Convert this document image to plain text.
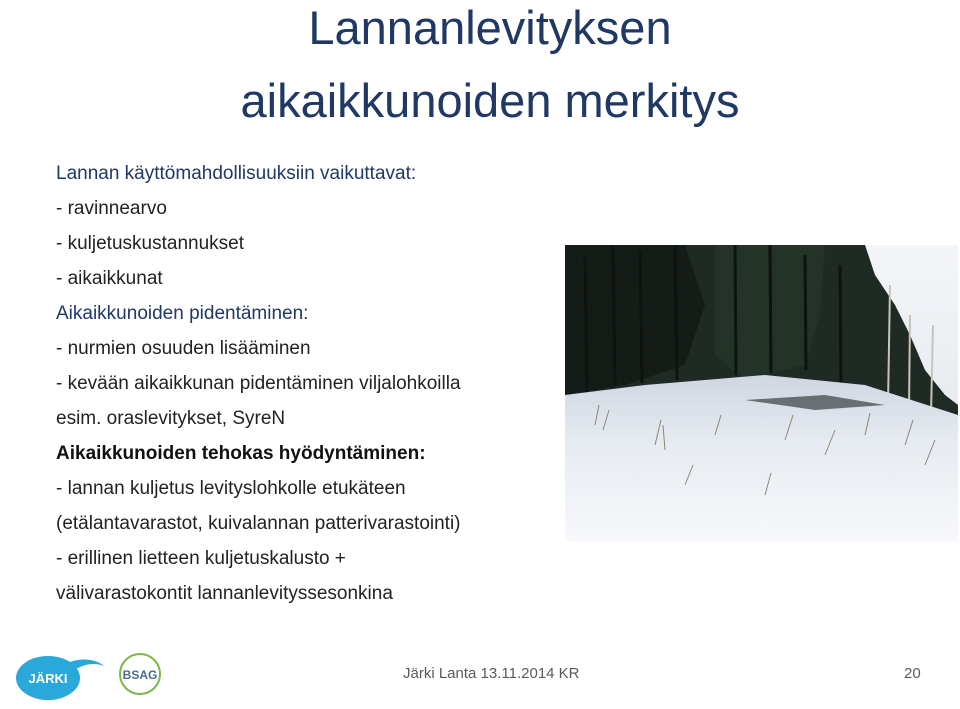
Lannanlevityksen
aikaikkunoiden merkitys
Lannan käyttömahdollisuuksiin vaikuttavat:
- ravinnearvo
- kuljetuskustannukset
- aikaikkunat
Aikaikkunoiden pidentäminen:
- nurmien osuuden lisääminen
- kevään aikaikkunan pidentäminen viljalohkoilla
esim. oraslevitykset, SyreN
Aikaikkunoiden tehokas hyödyntäminen:
- lannan kuljetus levityslohkolle etukäteen
(etälantavarastot, kuivalannan patterivarastointi)
- erillinen lietteen kuljetuskalusto +
välivarastokontit lannanlevityssesonkina
JÄRKI	BSAG	Järki Lanta 13.11.2014 KR	20
